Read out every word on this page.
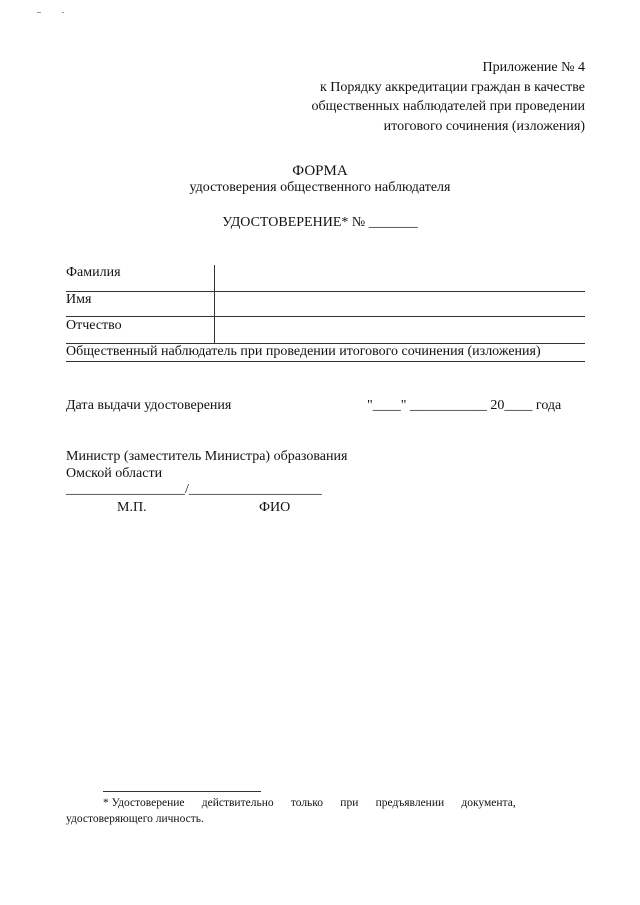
Приложение № 4
к Порядку аккредитации граждан в качестве
общественных наблюдателей при проведении
итогового сочинения (изложения)
ФОРМА
удостоверения общественного наблюдателя
УДОСТОВЕРЕНИЕ* № _______
Фамилия
Имя
Отчество
Общественный наблюдатель при проведении итогового сочинения (изложения)
Дата выдачи удостоверения	"____" ___________ 20____ года
Министр (заместитель Министра) образования
Омской области
_________________/___________________
М.П.	ФИО
* Удостоверение      действительно      только      при      предъявлении      документа,
удостоверяющего личность.
